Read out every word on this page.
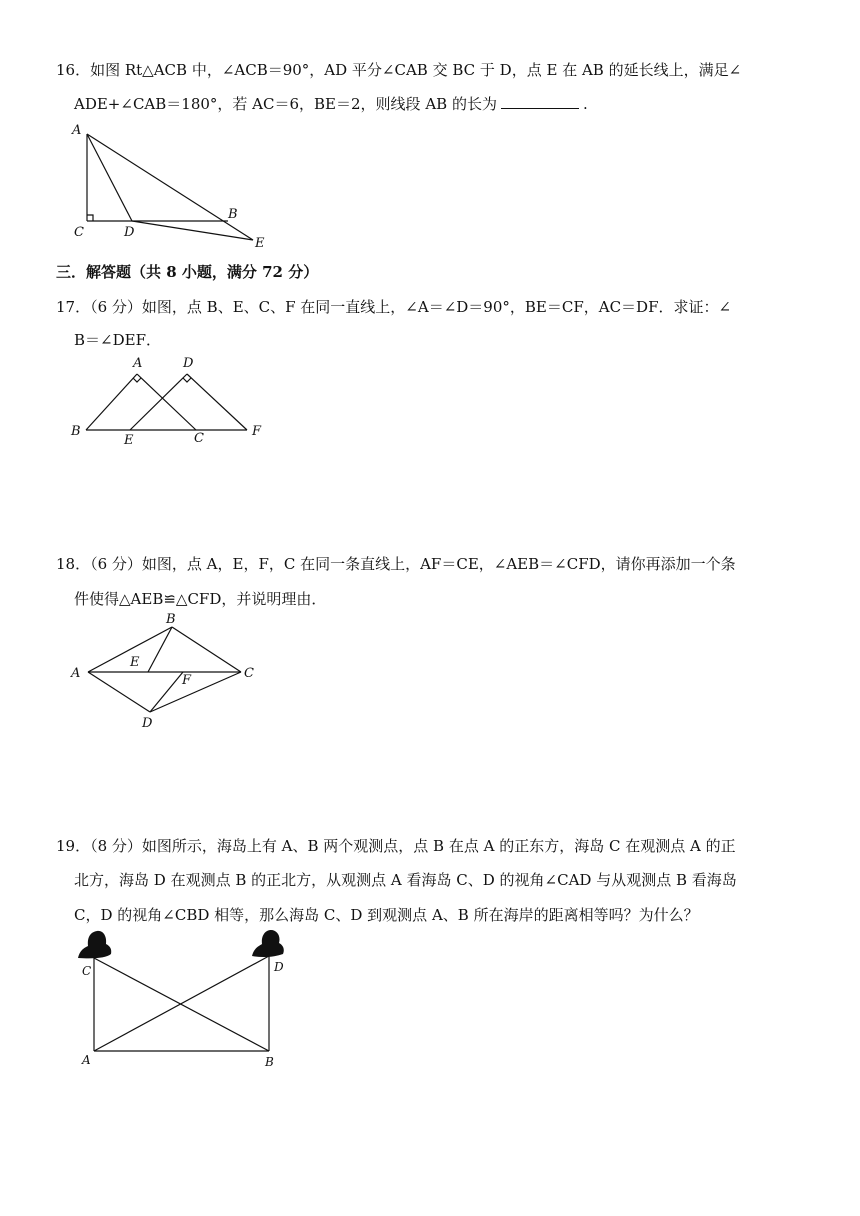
16．如图 Rt△ACB 中，∠ACB＝90°，AD 平分∠CAB 交 BC 于 D，点 E 在 AB 的延长线上，满足∠
ADE+∠CAB＝180°，若 AC＝6，BE＝2，则线段 AB 的长为	.
A
C	D
B
E
三．解答题（共 8 小题，满分 72 分）
17．（6 分）如图，点 B、E、C、F 在同一直线上，∠A＝∠D＝90°，BE＝CF，AC＝DF．求证：∠
B＝∠DEF．
A	D
B
E	C	F
18．（6 分）如图，点 A，E，F，C 在同一条直线上，AF＝CE，∠AEB＝∠CFD，请你再添加一个条
件使得△AEB≌△CFD，并说明理由．
B
A
E
C
F
D
19．（8 分）如图所示，海岛上有 A、B 两个观测点，点 B 在点 A 的正东方，海岛 C 在观测点 A 的正
北方，海岛 D 在观测点 B 的正北方，从观测点 A 看海岛 C、D 的视角∠CAD 与从观测点 B 看海岛
C，D 的视角∠CBD 相等，那么海岛 C、D 到观测点 A、B 所在海岸的距离相等吗？为什么？
C	D
A	B
